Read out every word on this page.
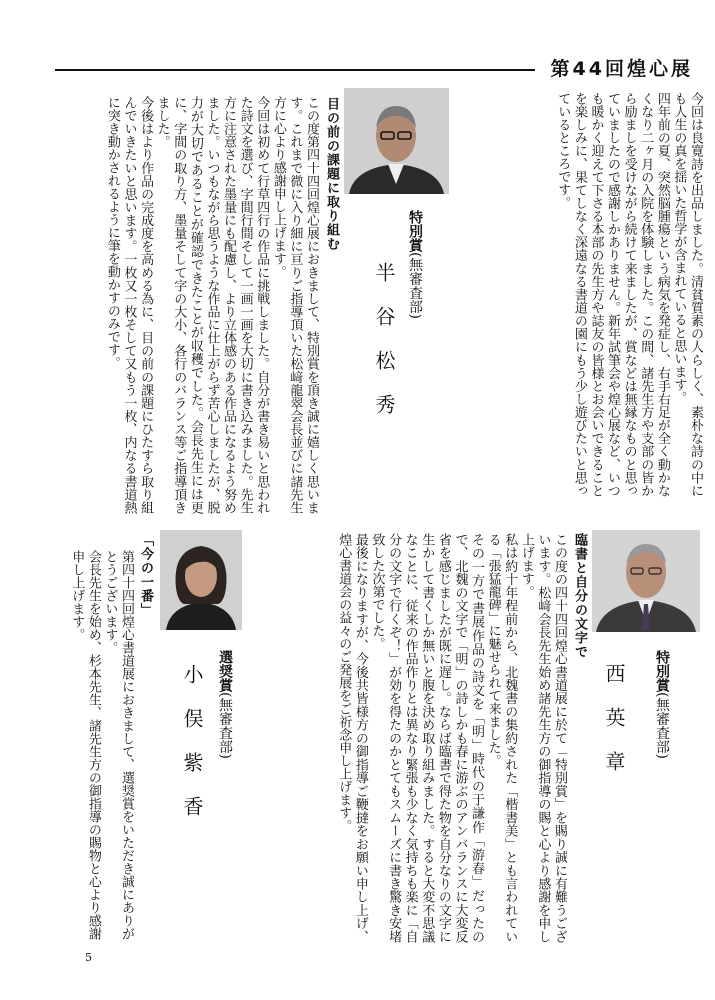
第44回煌心展
今回は良寛詩を出品しました。清貧質素の人らしく、素朴な詩の中にも人生の真を揺いた哲学が含まれていると思います。
四年前の夏、突然脳腫瘍という病気を発症し、右手右足が全く動かなくなり二ヶ月の入院を体験しました。この間、諸先生方や支部の皆から励ましを受けながら続けて来ましたが、賞などは無縁なものと思っていましたので感謝しかありません。新年試筆会や煌心展など、いつも暖かく迎えて下さる本部の先生方や誌友の皆様とお会いできることを楽しみに、果てしなく深遠なる書道の園にもう少し遊びたいと思っているところです。
特別賞(無審査部)
半谷松秀
目の前の課題に取り組む
この度第四十四回煌心展におきまして、特別賞を頂き誠に嬉しく思います。これまで微に入り細に亘りご指導頂いた松﨑龍翠会長並びに諸先生方に心より感謝申し上げます。
今回は初めて行草四行の作品に挑戦しました。自分が書き易いと思われた詩文を選び、字間行間そして一画一画を大切に書き込みました。先生方に注意された墨量にも配慮し、より立体感のある作品になるよう努めました。いつもながら思うような作品に仕上がらず苦心しましたが、脱力が大切であることが確認できたことが収穫でした。会長先生には更に、字間の取り方、墨量そして字の大小、各行のバランス等ご指導頂きました。
今後はより作品の完成度を高める為に、目の前の課題にひたすら取り組んでいきたいと思います。一枚又一枚そして又もう一枚、内なる書道熱に突き動かされるように筆を動かすのみです。
特別賞(無審査部)
西英章
臨書と自分の文字で
この度の四十四回煌心書道展に於て「特別賞」を賜り誠に有難うございます。松﨑会長先生始め諸先生方の御指導の賜と心より感謝を申し上げます。
私は約十年程前から、北魏書の集約された「楷書美」とも言われている「張猛龍碑」に魅せられて来ました。
その一方で書展作品の詩文を「明」時代の于謙作「游春」だったので、北魏の文字で「明」の詩しかも春に游ぶのアンバランスに大変反省を感じましたが既に遅し。ならば臨書で得た物を自分なりの文字に生かして書くしか無いと腹を決め取り組みました。すると大変不思議なことに、従来の作品作りとは異なり緊張も少なく気持ちも楽に「自分の文字で行くぞ！」が効を得たのかとてもスムーズに書き驚き安堵致した次第でした。
最後になりますが、今後共皆様方の御指導ご鞭撻をお願い申し上げ、煌心書道会の益々のご発展をご祈念申し上げます。
選奨賞(無審査部)
小俣紫香
「今の一番」
第四十四回煌心書道展におきまして、選奨賞をいただき誠にありがとうございます。
会長先生を始め、杉本先生、諸先生方の御指導の賜物と心より感謝申し上げます。
5
